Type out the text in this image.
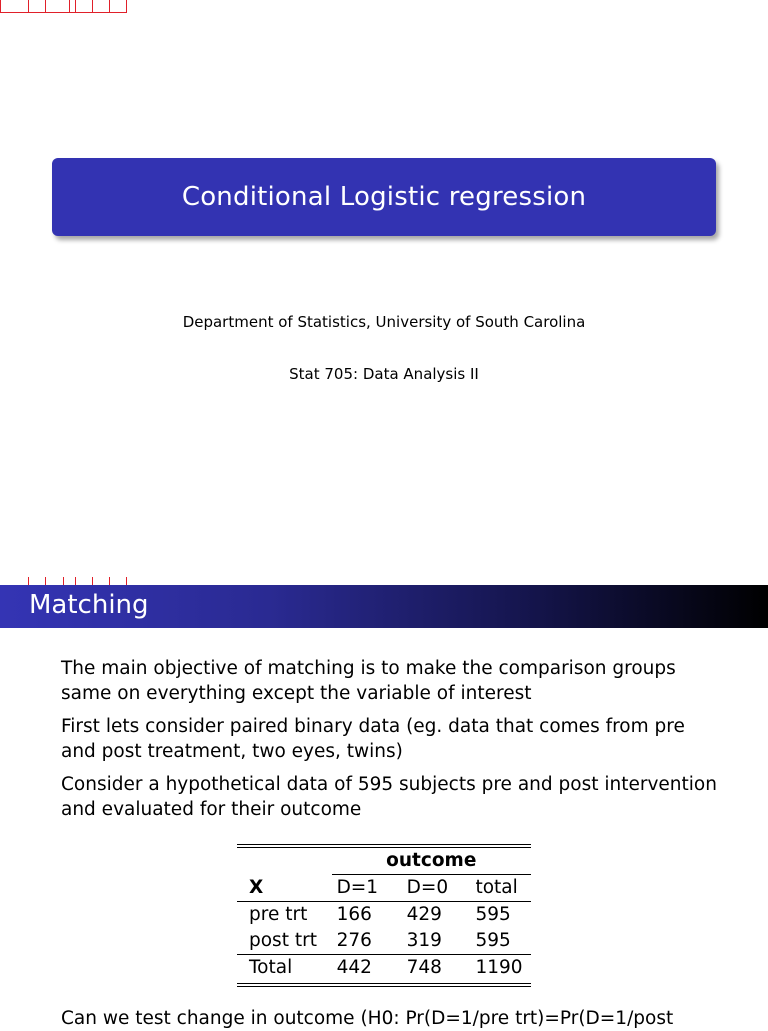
Conditional Logistic regression
Department of Statistics, University of South Carolina
Stat 705: Data Analysis II
Matching
The main objective of matching is to make the comparison groups same on everything except the variable of interest
First lets consider paired binary data (eg. data that comes from pre and post treatment, two eyes, twins)
Consider a hypothetical data of 595 subjects pre and post intervention and evaluated for their outcome
	outcome		
X	D=1	D=0	total
pre trt	166	429	595
post trt	276	319	595
Total	442	748	1190
Can we test change in outcome (H0: Pr(D=1/pre trt)=Pr(D=1/post
